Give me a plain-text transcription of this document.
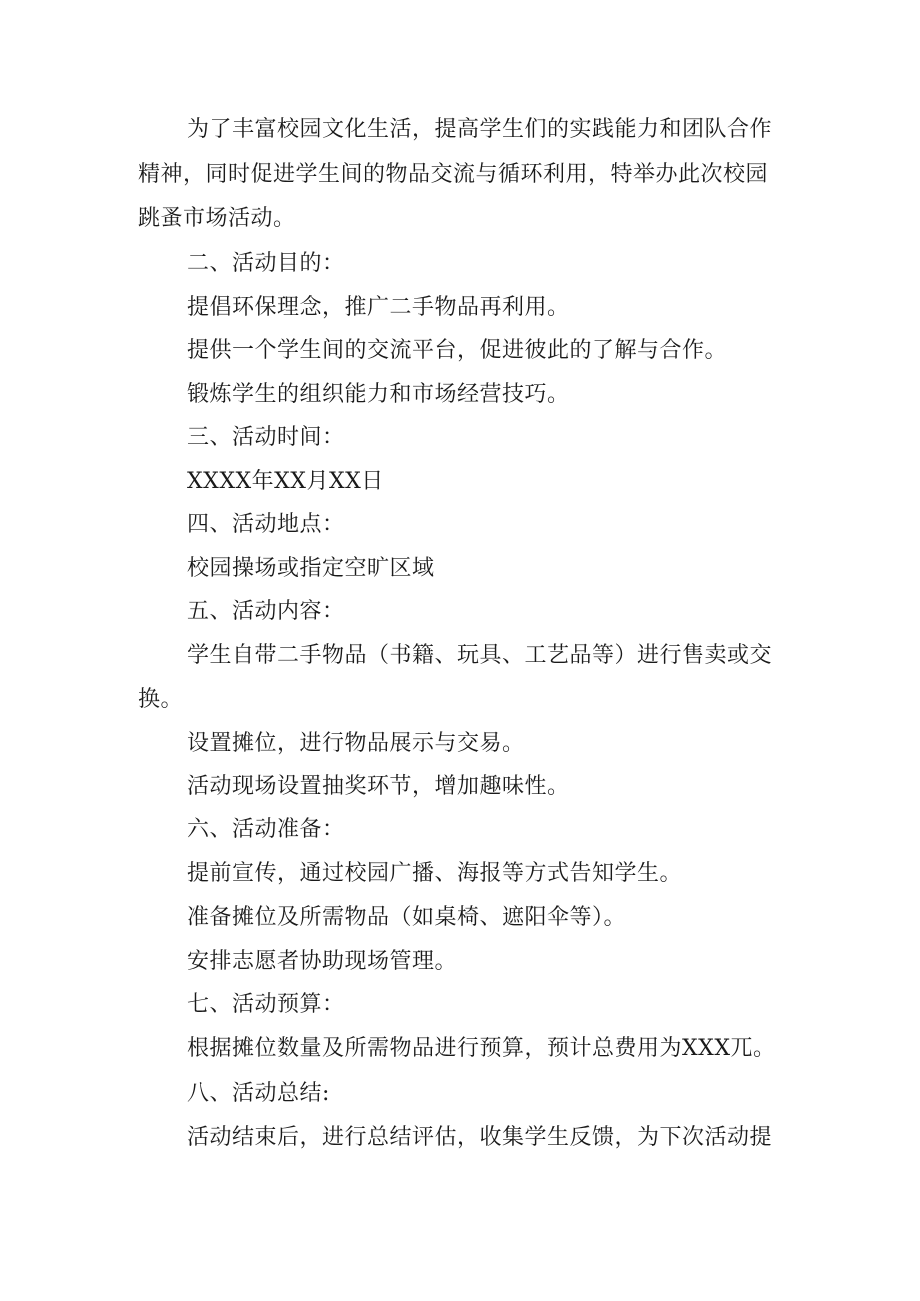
为了丰富校园文化生活，提高学生们的实践能力和团队合作
精神，同时促进学生间的物品交流与循环利用，特举办此次校园
跳蚤市场活动。
二、活动目的：
提倡环保理念，推广二手物品再利用。
提供一个学生间的交流平台，促进彼此的了解与合作。
锻炼学生的组织能力和市场经营技巧。
三、活动时间：
XXXX年XX月XX日
四、活动地点：
校园操场或指定空旷区域
五、活动内容：
学生自带二手物品（书籍、玩具、工艺品等）进行售卖或交
换。
设置摊位，进行物品展示与交易。
活动现场设置抽奖环节，增加趣味性。
六、活动准备：
提前宣传，通过校园广播、海报等方式告知学生。
准备摊位及所需物品（如桌椅、遮阳伞等）。
安排志愿者协助现场管理。
七、活动预算：
根据摊位数量及所需物品进行预算，预计总费用为XXX兀。
八、活动总结:
活动结束后，进行总结评估，收集学生反馈，为下次活动提
